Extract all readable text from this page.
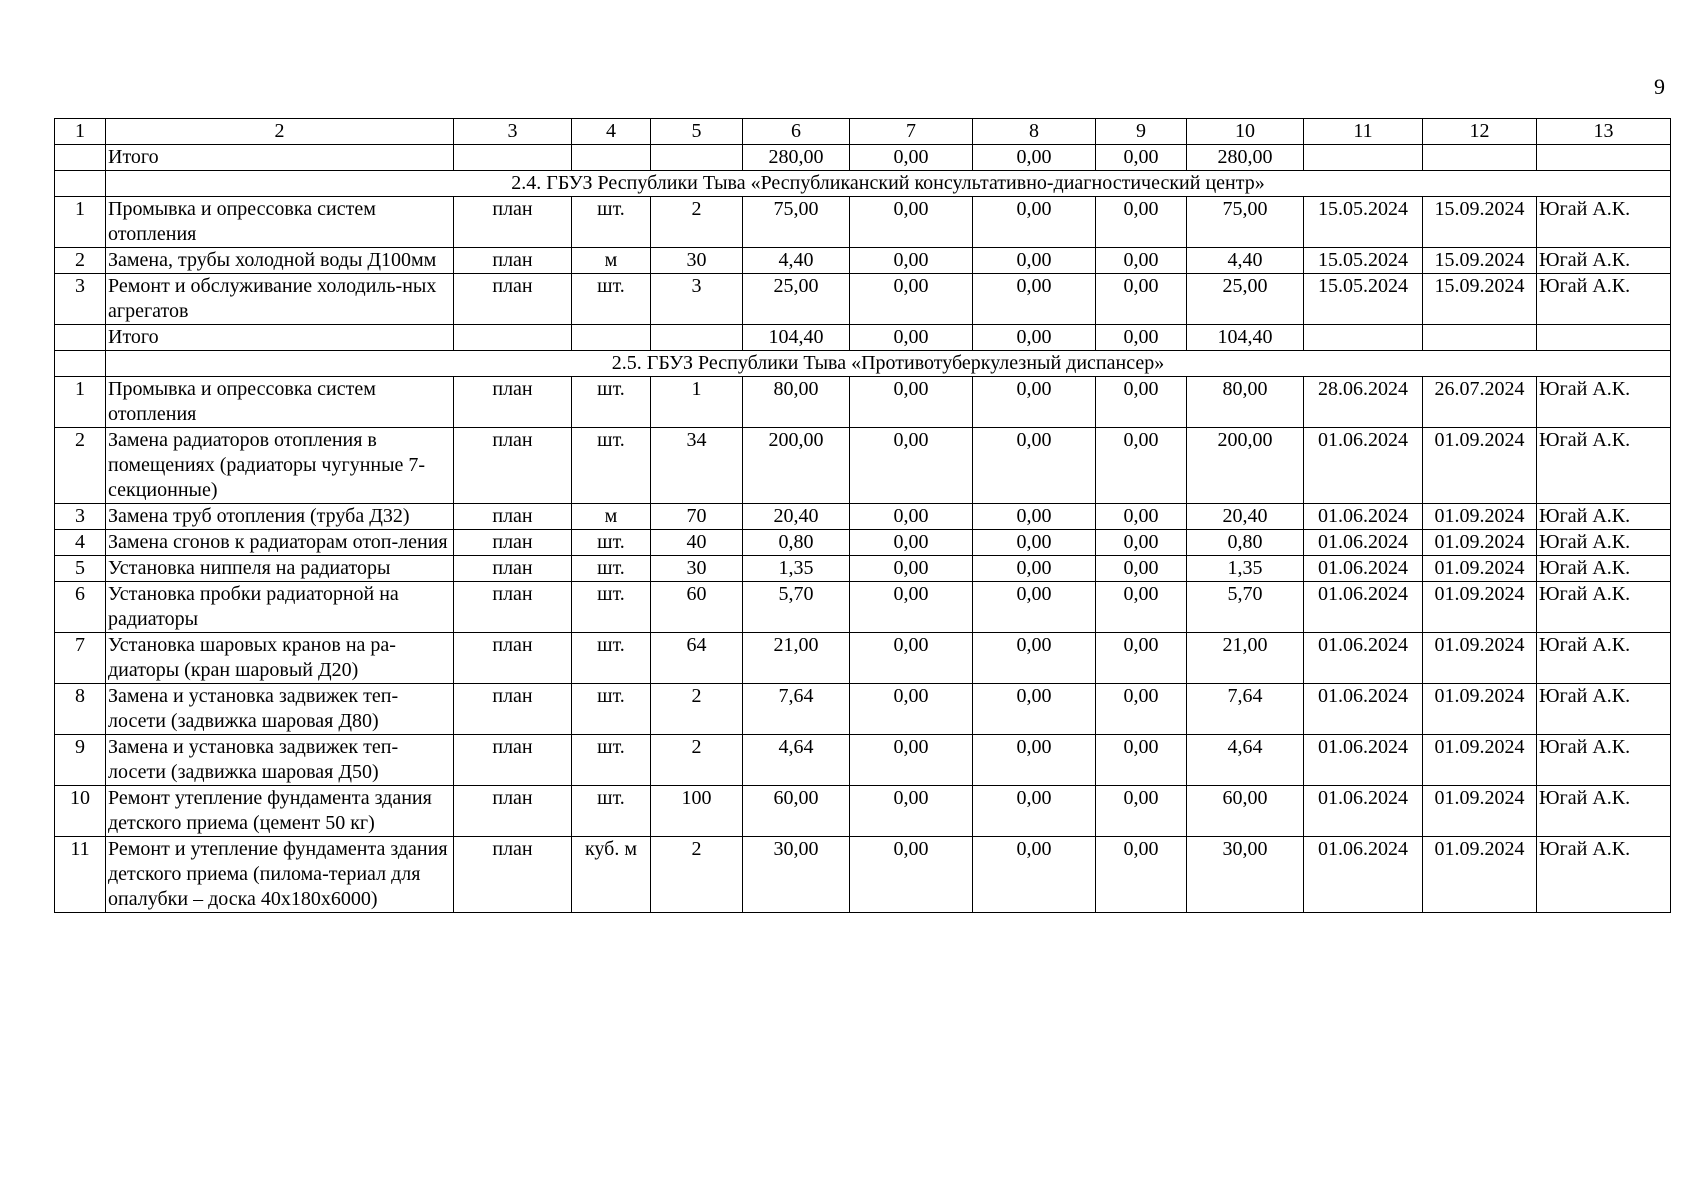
9
1	2	3	4	5	6	7	8	9	10	11	12	13
	Итого				280,00	0,00	0,00	0,00	280,00			
	2.4. ГБУЗ Республики Тыва «Республиканский консультативно-диагностический центр»											
1	Промывка и опрессовка систем отопления	план	шт.	2	75,00	0,00	0,00	0,00	75,00	15.05.2024	15.09.2024	Югай А.К.
2	Замена, трубы холодной воды Д100мм	план	м	30	4,40	0,00	0,00	0,00	4,40	15.05.2024	15.09.2024	Югай А.К.
3	Ремонт и обслуживание холодиль-ных агрегатов	план	шт.	3	25,00	0,00	0,00	0,00	25,00	15.05.2024	15.09.2024	Югай А.К.
	Итого				104,40	0,00	0,00	0,00	104,40			
	2.5. ГБУЗ Республики Тыва «Противотуберкулезный диспансер»											
1	Промывка и опрессовка систем отопления	план	шт.	1	80,00	0,00	0,00	0,00	80,00	28.06.2024	26.07.2024	Югай А.К.
2	Замена радиаторов отопления в помещениях (радиаторы чугунные 7-секционные)	план	шт.	34	200,00	0,00	0,00	0,00	200,00	01.06.2024	01.09.2024	Югай А.К.
3	Замена труб отопления (труба Д32)	план	м	70	20,40	0,00	0,00	0,00	20,40	01.06.2024	01.09.2024	Югай А.К.
4	Замена сгонов к радиаторам отоп-ления	план	шт.	40	0,80	0,00	0,00	0,00	0,80	01.06.2024	01.09.2024	Югай А.К.
5	Установка ниппеля на радиаторы	план	шт.	30	1,35	0,00	0,00	0,00	1,35	01.06.2024	01.09.2024	Югай А.К.
6	Установка пробки радиаторной на радиаторы	план	шт.	60	5,70	0,00	0,00	0,00	5,70	01.06.2024	01.09.2024	Югай А.К.
7	Установка шаровых кранов на ра-диаторы (кран шаровый Д20)	план	шт.	64	21,00	0,00	0,00	0,00	21,00	01.06.2024	01.09.2024	Югай А.К.
8	Замена и установка задвижек теп-лосети (задвижка шаровая Д80)	план	шт.	2	7,64	0,00	0,00	0,00	7,64	01.06.2024	01.09.2024	Югай А.К.
9	Замена и установка задвижек теп-лосети (задвижка шаровая Д50)	план	шт.	2	4,64	0,00	0,00	0,00	4,64	01.06.2024	01.09.2024	Югай А.К.
10	Ремонт утепление фундамента здания детского приема (цемент 50 кг)	план	шт.	100	60,00	0,00	0,00	0,00	60,00	01.06.2024	01.09.2024	Югай А.К.
11	Ремонт и утепление фундамента здания детского приема (пилома-териал для опалубки – доска 40х180х6000)	план	куб. м	2	30,00	0,00	0,00	0,00	30,00	01.06.2024	01.09.2024	Югай А.К.
